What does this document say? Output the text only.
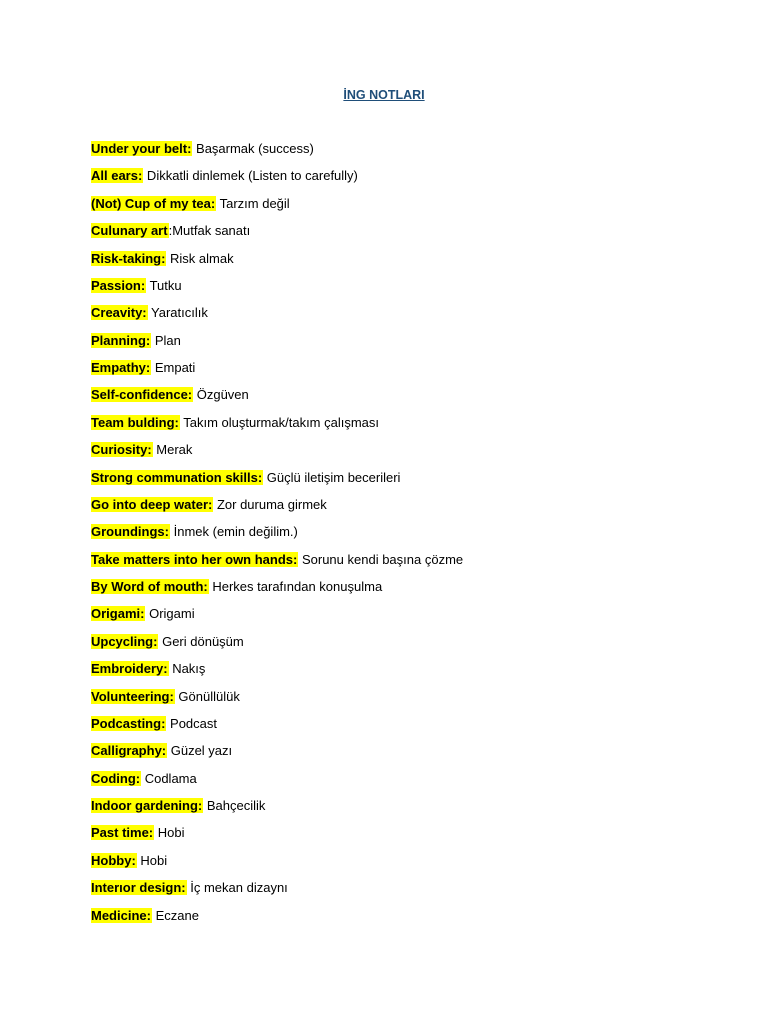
İNG NOTLARI
Under your belt: Başarmak (success)
All ears: Dikkatli dinlemek (Listen to carefully)
(Not) Cup of my tea: Tarzım değil
Culunary art:Mutfak sanatı
Risk-taking: Risk almak
Passion: Tutku
Creavity: Yaratıcılık
Planning: Plan
Empathy: Empati
Self-confidence: Özgüven
Team bulding: Takım oluşturmak/takım çalışması
Curiosity: Merak
Strong communation skills: Güçlü iletişim becerileri
Go into deep water: Zor duruma girmek
Groundings: İnmek (emin değilim.)
Take matters into her own hands: Sorunu kendi başına çözme
By Word of mouth: Herkes tarafından konuşulma
Origami: Origami
Upcycling: Geri dönüşüm
Embroidery: Nakış
Volunteering: Gönüllülük
Podcasting: Podcast
Calligraphy: Güzel yazı
Coding: Codlama
Indoor gardening: Bahçecilik
Past time: Hobi
Hobby: Hobi
Interıor design: İç mekan dizaynı
Medicine: Eczane
